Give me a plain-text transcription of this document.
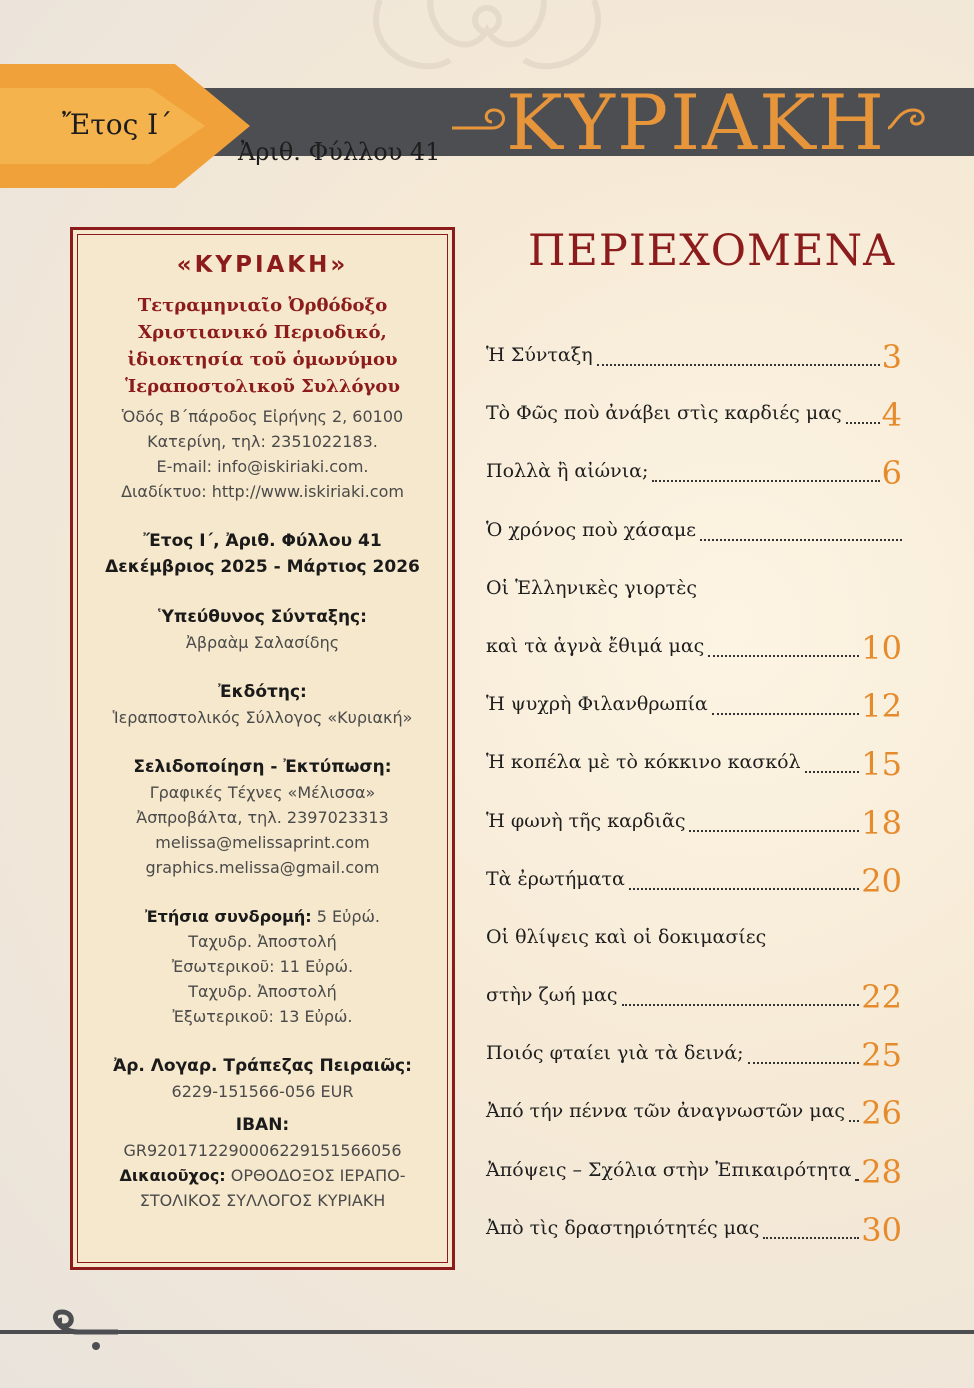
Ἔτος Ι΄
Ἀριθ. Φύλλου 41 ΚΥΡΙΑΚΗ
«ΚΥΡΙΑΚΗ»
Τετραμηνιαῖο Ὀρθόδοξο
Χριστιανικό Περιοδικό,
ἰδιοκτησία τοῦ ὁμωνύμου
Ἱεραποστολικοῦ Συλλόγου
Ὁδός Β΄πάροδος Εἰρήνης 2, 60100
Κατερίνη, τηλ: 2351022183.
E-mail: info@iskiriaki.com.
Διαδίκτυο: http://www.iskiriaki.com
Ἔτος Ι΄, Ἀριθ. Φύλλου 41
Δεκέμβριος 2025 - Μάρτιος 2026
Ὑπεύθυνος Σύνταξης:
Ἀβραὰμ Σαλασίδης
Ἐκδότης:
Ἱεραποστολικός Σύλλογος «Κυριακή»
Σελιδοποίηση - Ἐκτύπωση:
Γραφικές Τέχνες «Μέλισσα»
Ἀσπροβάλτα, τηλ. 2397023313
melissa@melissaprint.com
graphics.melissa@gmail.com
Ἐτήσια συνδρομή: 5 Εὐρώ.
Ταχυδρ. Ἀποστολή
Ἐσωτερικοῦ: 11 Εὐρώ.
Ταχυδρ. Ἀποστολή
Ἐξωτερικοῦ: 13 Εὐρώ.
Ἀρ. Λογαρ. Τράπεζας Πειραιῶς:
6229-151566-056 EUR
IBAN:
GR9201712290006229151566056
Δικαιοῦχος: ΟΡΘΟΔΟΞΟΣ ΙΕΡΑΠΟ-
ΣΤΟΛΙΚΟΣ ΣΥΛΛΟΓΟΣ ΚΥΡΙΑΚΗ
ΠΕΡΙΕΧΟΜΕΝΑ
Ἡ Σύνταξη	3
Τὸ Φῶς ποὺ ἀνάβει στὶς καρδιές μας 4
Πολλὰ ἢ αἰώνια;	6
Ὁ χρόνος ποὺ χάσαμε
Οἱ Ἑλληνικὲς γιορτὲς
καὶ τὰ ἁγνὰ ἔθιμά μας	10
Ἡ ψυχρὴ Φιλανθρωπία	12
Ἡ κοπέλα μὲ τὸ κόκκινο κασκόλ 15
Ἡ φωνὴ τῆς καρδιᾶς	18
Τὰ ἐρωτήματα	20
Οἱ θλίψεις καὶ οἱ δοκιμασίες
στὴν ζωή μας	22
Ποιός φταίει γιὰ τὰ δεινά;	25
Ἀπό τήν πέννα τῶν ἀναγνωστῶν μας 26
Ἀπόψεις – Σχόλια στὴν Ἐπικαιρότητα 28
Ἀπὸ τὶς δραστηριότητές μας	30
